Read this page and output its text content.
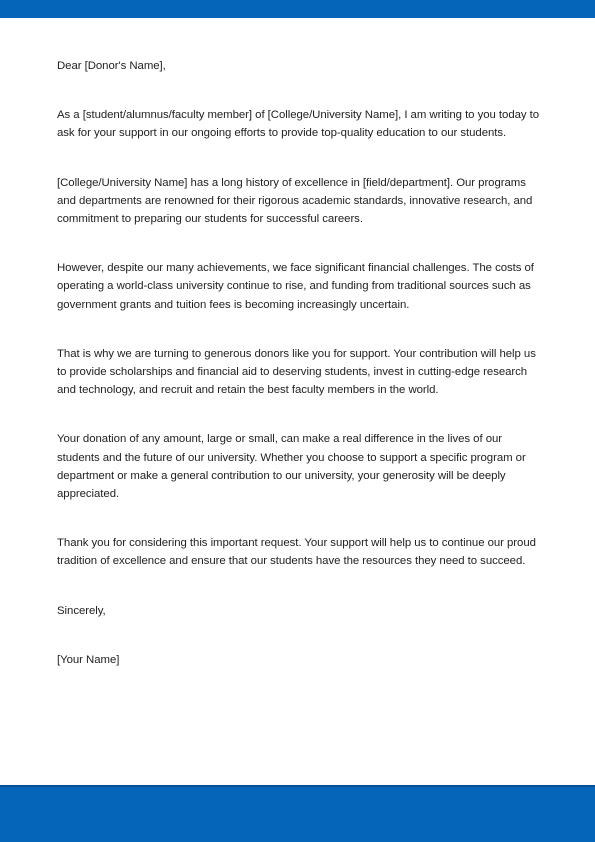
Dear [Donor's Name],

As a [student/alumnus/faculty member] of [College/University Name], I am writing to you today to ask for your support in our ongoing efforts to provide top-quality education to our students.

[College/University Name] has a long history of excellence in [field/department]. Our programs and departments are renowned for their rigorous academic standards, innovative research, and commitment to preparing our students for successful careers.

However, despite our many achievements, we face significant financial challenges. The costs of operating a world-class university continue to rise, and funding from traditional sources such as government grants and tuition fees is becoming increasingly uncertain.

That is why we are turning to generous donors like you for support. Your contribution will help us to provide scholarships and financial aid to deserving students, invest in cutting-edge research and technology, and recruit and retain the best faculty members in the world.

Your donation of any amount, large or small, can make a real difference in the lives of our students and the future of our university. Whether you choose to support a specific program or department or make a general contribution to our university, your generosity will be deeply appreciated.

Thank you for considering this important request. Your support will help us to continue our proud tradition of excellence and ensure that our students have the resources they need to succeed.

Sincerely,

[Your Name]
